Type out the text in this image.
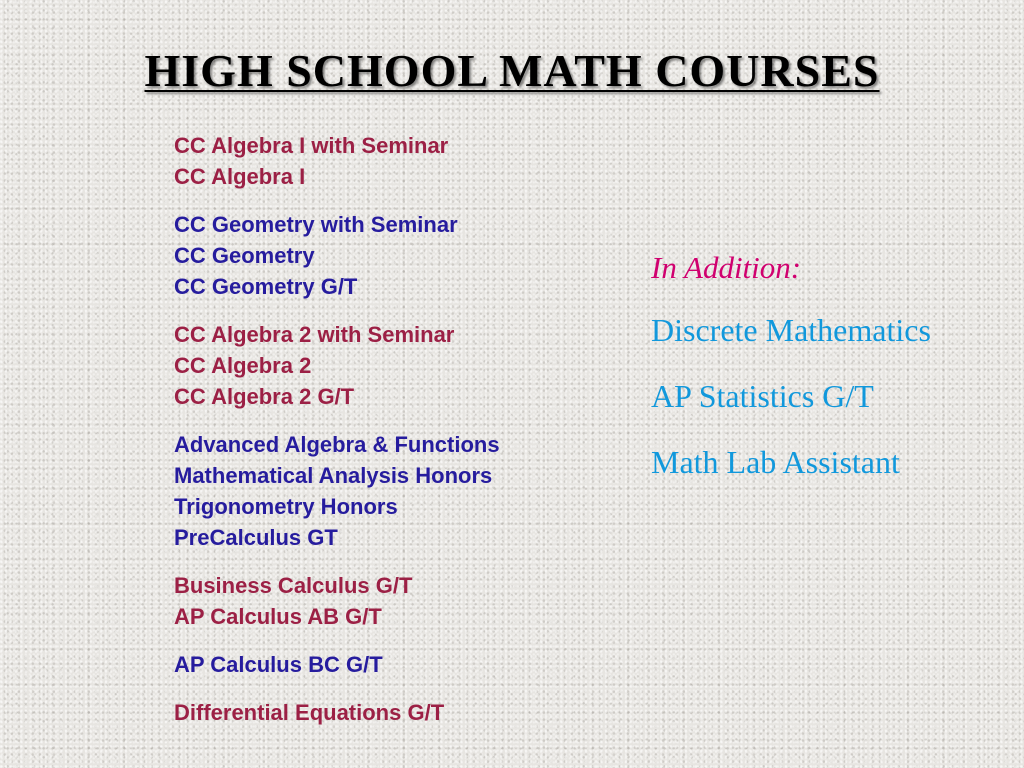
HIGH SCHOOL MATH COURSES
CC Algebra I with Seminar
CC Algebra I
CC Geometry with Seminar
CC Geometry
CC Geometry G/T
CC Algebra 2 with Seminar
CC Algebra 2
CC Algebra 2 G/T
Advanced Algebra & Functions
Mathematical Analysis Honors
Trigonometry Honors
PreCalculus GT
Business Calculus G/T
AP Calculus AB G/T
AP Calculus BC G/T
Differential Equations G/T
In Addition:
Discrete Mathematics
AP Statistics G/T
Math Lab Assistant
